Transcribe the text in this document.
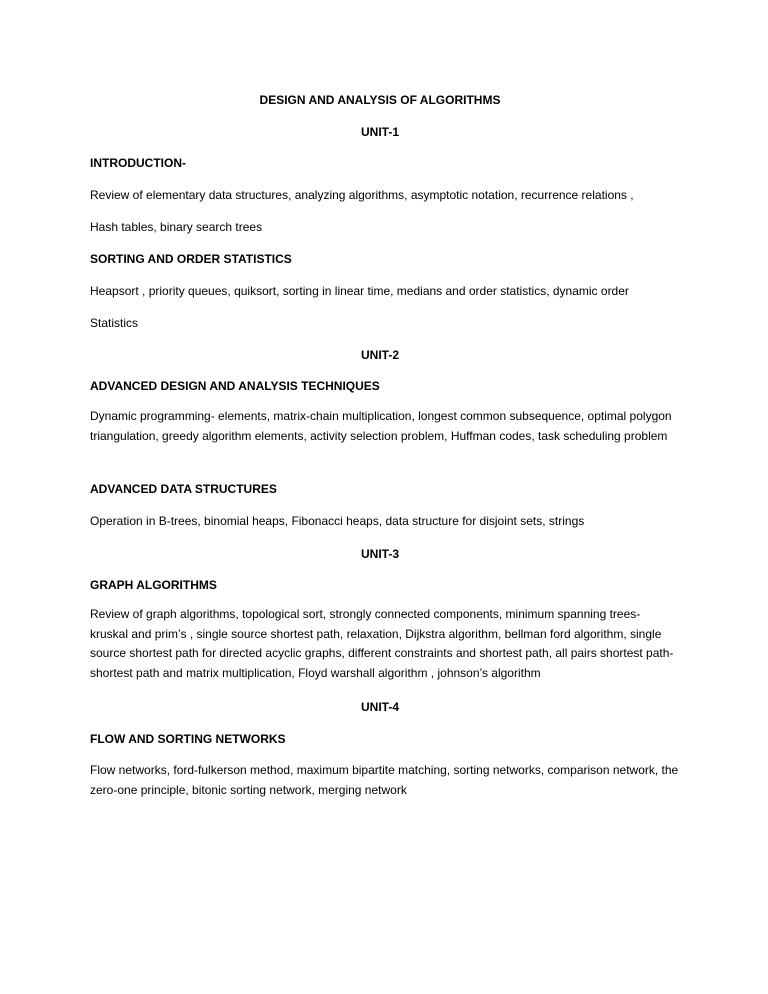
DESIGN AND ANALYSIS OF ALGORITHMS
UNIT-1
INTRODUCTION-
Review of elementary data structures, analyzing algorithms, asymptotic notation, recurrence relations ,
Hash tables, binary search trees
SORTING AND ORDER STATISTICS
Heapsort , priority queues, quiksort, sorting in linear time, medians and order statistics, dynamic order
Statistics
UNIT-2
ADVANCED DESIGN AND ANALYSIS TECHNIQUES
Dynamic programming- elements, matrix-chain multiplication, longest common subsequence, optimal polygon triangulation, greedy algorithm elements, activity selection problem, Huffman codes, task scheduling problem
ADVANCED DATA STRUCTURES
Operation in B-trees, binomial heaps, Fibonacci heaps, data structure for disjoint sets, strings
UNIT-3
GRAPH ALGORITHMS
Review of graph algorithms, topological sort, strongly connected components, minimum spanning trees- kruskal and prim’s , single source shortest path, relaxation, Dijkstra algorithm, bellman ford algorithm, single source shortest path for directed acyclic graphs, different constraints and shortest path, all pairs shortest path- shortest path and matrix multiplication, Floyd warshall algorithm , johnson’s algorithm
UNIT-4
FLOW AND SORTING NETWORKS
Flow networks, ford-fulkerson method, maximum bipartite matching, sorting networks, comparison network, the zero-one principle, bitonic sorting network, merging network
